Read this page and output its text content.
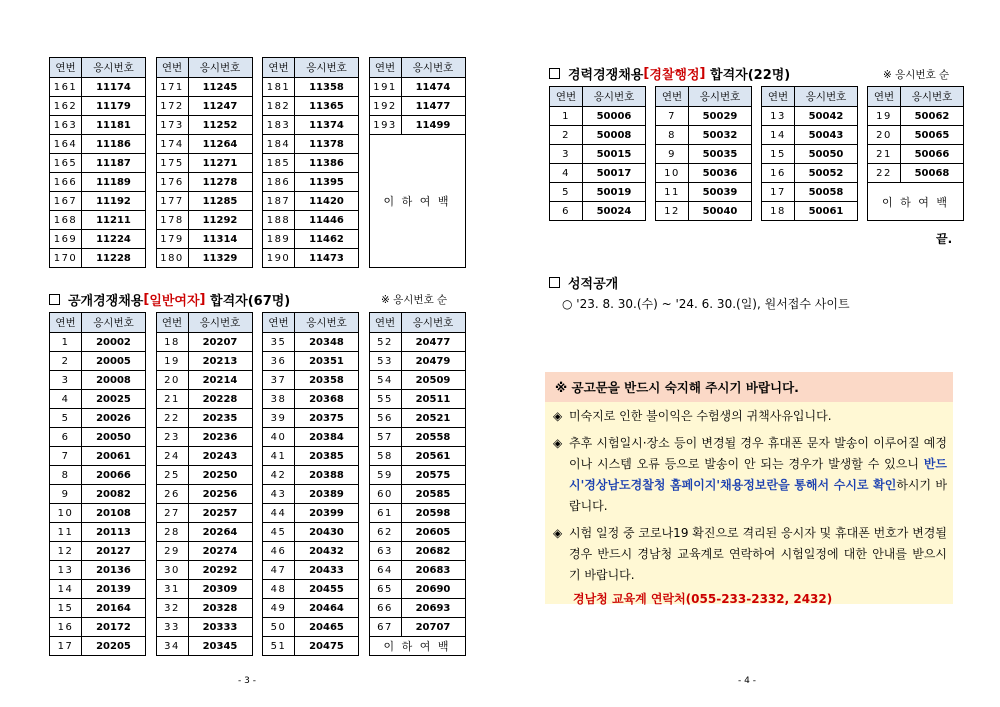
연번	응시번호
161	11174
162	11179
163	11181
164	11186
165	11187
166	11189
167	11192
168	11211
169	11224
170	11228
연번	응시번호
171	11245
172	11247
173	11252
174	11264
175	11271
176	11278
177	11285
178	11292
179	11314
180	11329
연번	응시번호
181	11358
182	11365
183	11374
184	11378
185	11386
186	11395
187	11420
188	11446
189	11462
190	11473
연번	응시번호
191	11474
192	11477
193	11499
이 하 여 백	
공개경쟁채용 [ 일반여자 ]
합격자(67명)	※ 응시번호 순
연번	응시번호
1	20002
2	20005
3	20008
4	20025
5	20026
6	20050
7	20061
8	20066
9	20082
10	20108
11	20113
12	20127
13	20136
14	20139
15	20164
16	20172
17	20205
연번	응시번호
18	20207
19	20213
20	20214
21	20228
22	20235
23	20236
24	20243
25	20250
26	20256
27	20257
28	20264
29	20274
30	20292
31	20309
32	20328
33	20333
34	20345
연번	응시번호
35	20348
36	20351
37	20358
38	20368
39	20375
40	20384
41	20385
42	20388
43	20389
44	20399
45	20430
46	20432
47	20433
48	20455
49	20464
50	20465
51	20475
연번	응시번호
52	20477
53	20479
54	20509
55	20511
56	20521
57	20558
58	20561
59	20575
60	20585
61	20598
62	20605
63	20682
64	20683
65	20690
66	20693
67	20707
이 하 여 백	
- 3 -
경력경쟁채용 [ 경찰행정 ]
합격자(22명)	※ 응시번호 순
연번	응시번호
1	50006
2	50008
3	50015
4	50017
5	50019
6	50024
연번	응시번호
7	50029
8	50032
9	50035
10	50036
11	50039
12	50040
연번	응시번호
13	50042
14	50043
15	50050
16	50052
17	50058
18	50061
연번	응시번호
19	50062
20	50065
21	50066
22	50068
이 하 여 백	
끝.
성적공개
○ '23. 8. 30.(수) ~ '24. 6. 30.(일), 원서접수 사이트
※ 공고문을 반드시 숙지해 주시기 바랍니다.
◈ 미숙지로 인한 불이익은 수험생의 귀책사유입니다.
◈ 추후 시험일시·장소 등이 변경될 경우 휴대폰 문자 발송이 이루어질 예정이나 시스템 오류 등으로 발송이 안 되는 경우가 발생할 수 있으니 반드시'경상남도경찰청 홈페이지'채용정보란을 통해서 수시로 확인하시기 바랍니다.
◈ 시험 일정 중 코로나19 확진으로 격리된 응시자 및 휴대폰 번호가 변경될 경우 반드시 경남청 교육계로 연락하여 시험일정에 대한 안내를 받으시기 바랍니다.
경남청 교육계 연락처(055-233-2332, 2432)
- 4 -
